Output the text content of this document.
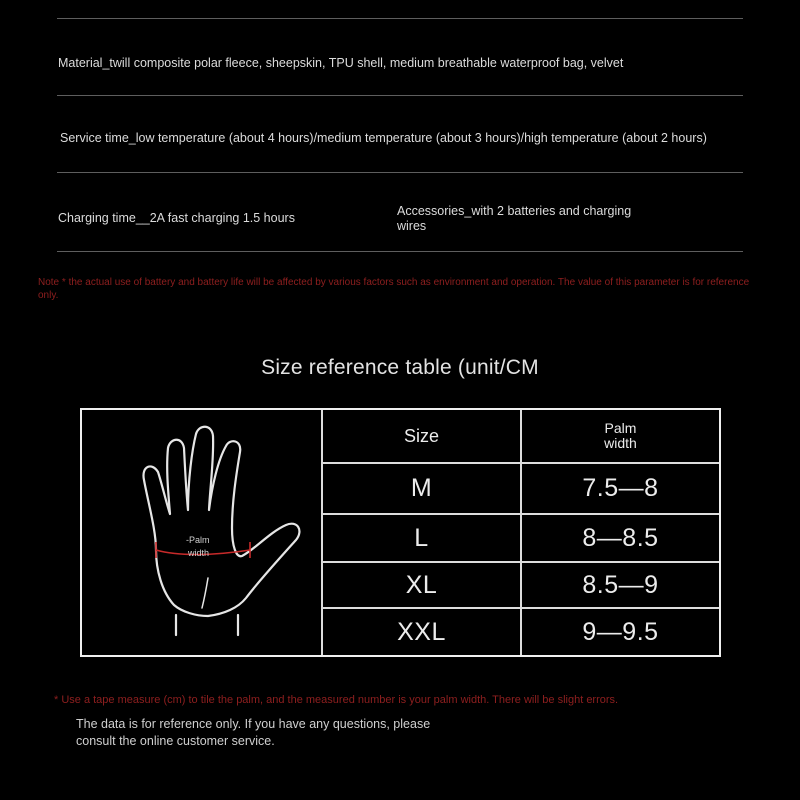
Material_twill composite polar fleece, sheepskin, TPU shell, medium breathable waterproof bag, velvet
Service time_low temperature (about 4 hours)/medium temperature (about 3 hours)/high temperature (about 2 hours)
Charging time__2A fast charging 1.5 hours	Accessories_with 2 batteries and charging
wires
Note * the actual use of battery and battery life will be affected by various factors such as environment and operation. The value of this parameter is for reference only.
Size reference table (unit/CM
-Palm
width
Size	Palm
width
M	7.5—8
L	8—8.5
XL	8.5—9
XXL	9—9.5
* Use a tape measure (cm) to tile the palm, and the measured number is your palm width. There will be slight errors.
The data is for reference only. If you have any questions, please
consult the online customer service.
